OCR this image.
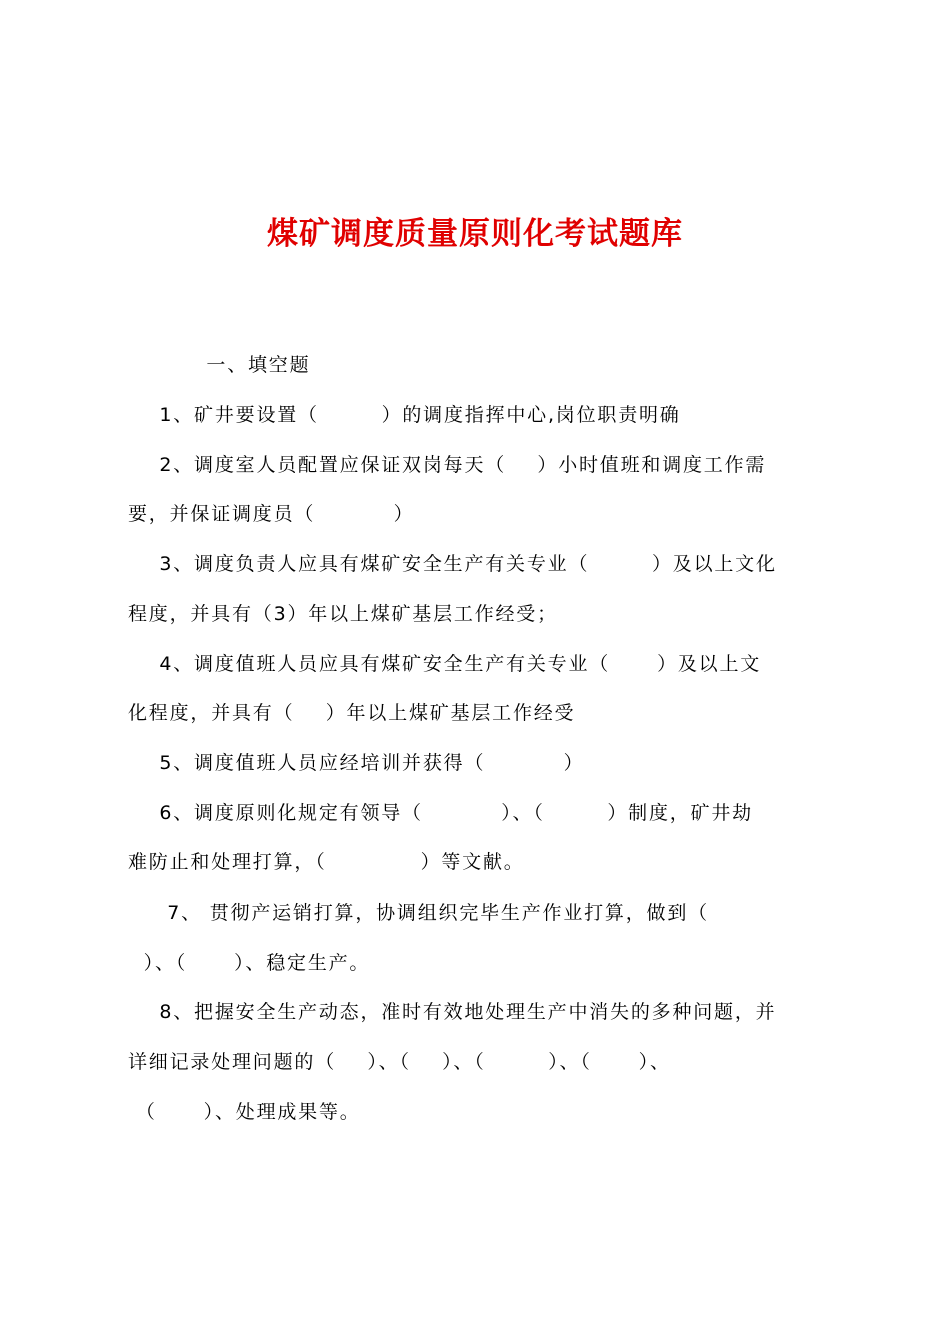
煤矿调度质量原则化考试题库
一、填空题
1、矿井要设置（        ）的调度指挥中心,岗位职责明确
2、调度室人员配置应保证双岗每天（    ）小时值班和调度工作需
要，并保证调度员（          ）
3、调度负责人应具有煤矿安全生产有关专业（        ）及以上文化
程度，并具有（3）年以上煤矿基层工作经受；
4、调度值班人员应具有煤矿安全生产有关专业（      ）及以上文
化程度，并具有（    ）年以上煤矿基层工作经受
5、调度值班人员应经培训并获得（          ）
6、调度原则化规定有领导（          ）、（        ）制度，矿井劫
难防止和处理打算，（            ）等文献。
7、 贯彻产运销打算，协调组织完毕生产作业打算，做到（
）、（      ）、稳定生产。
8、把握安全生产动态，准时有效地处理生产中消失的多种问题，并
详细记录处理问题的（    ）、（    ）、（        ）、（      ）、
（      ）、处理成果等。
